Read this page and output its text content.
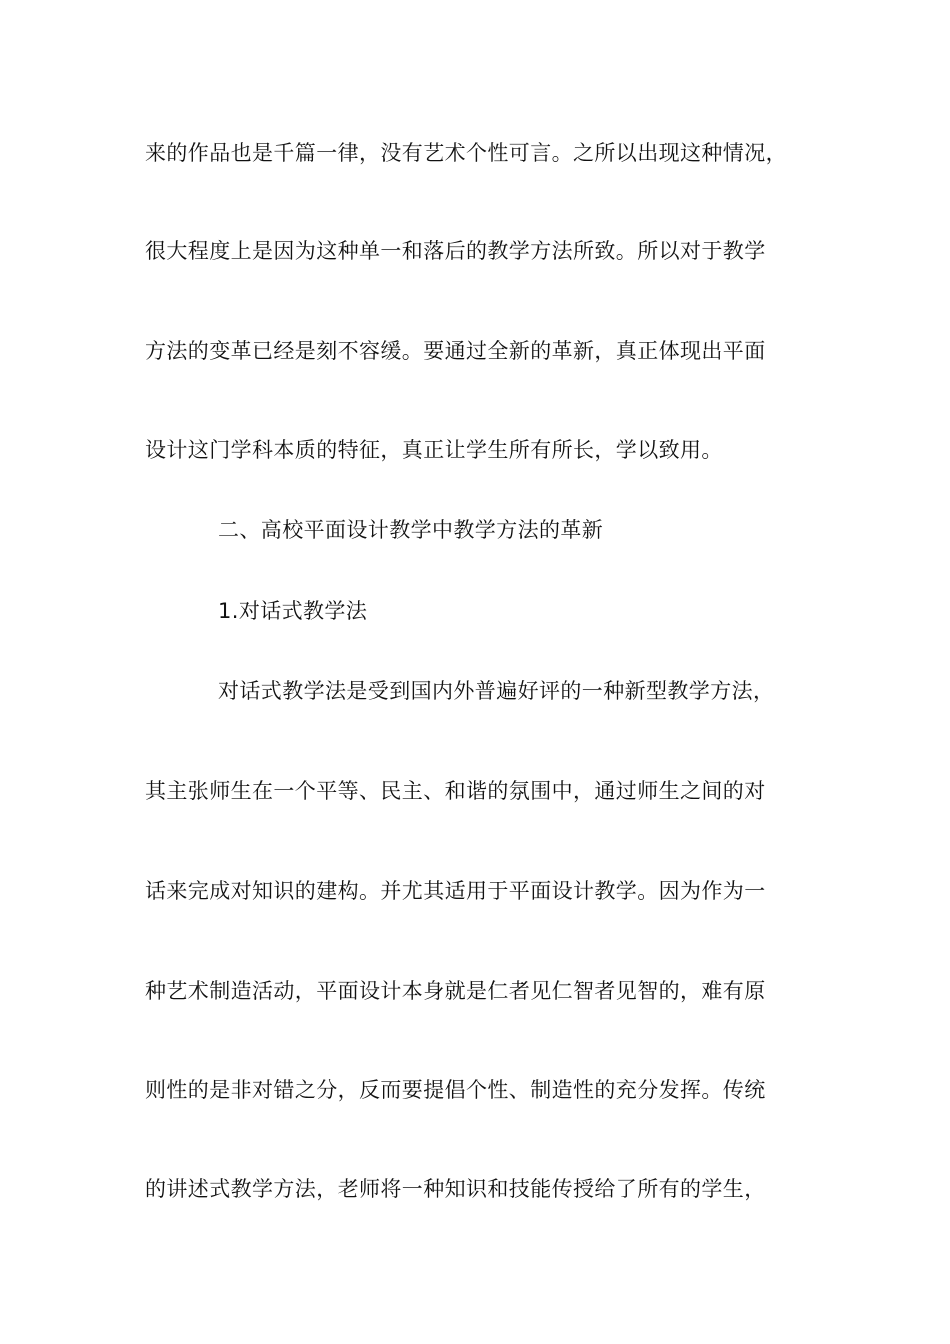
来的作品也是千篇一律，没有艺术个性可言。之所以出现这种情况，
很大程度上是因为这种单一和落后的教学方法所致。所以对于教学
方法的变革已经是刻不容缓。要通过全新的革新，真正体现出平面
设计这门学科本质的特征，真正让学生所有所长，学以致用。
二、高校平面设计教学中教学方法的革新
1.对话式教学法
对话式教学法是受到国内外普遍好评的一种新型教学方法，
其主张师生在一个平等、民主、和谐的氛围中，通过师生之间的对
话来完成对知识的建构。并尤其适用于平面设计教学。因为作为一
种艺术制造活动，平面设计本身就是仁者见仁智者见智的，难有原
则性的是非对错之分，反而要提倡个性、制造性的充分发挥。传统
的讲述式教学方法，老师将一种知识和技能传授给了所有的学生，
